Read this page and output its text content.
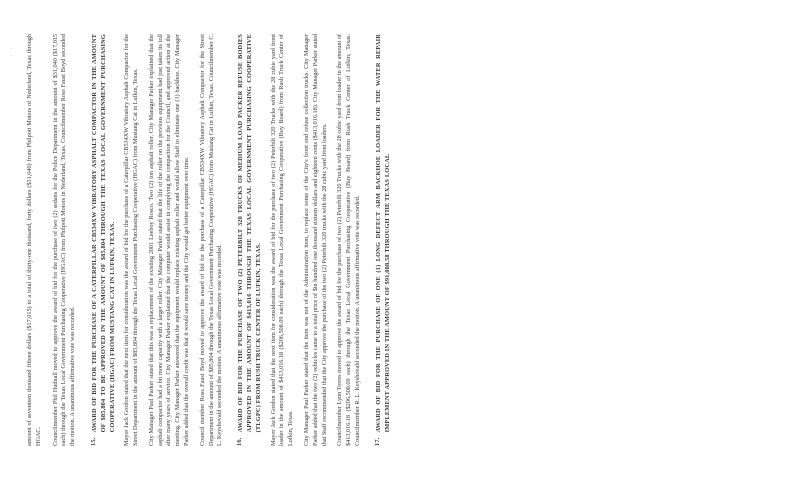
. . amount of seventeen thousand fifteen dollars ($17,015) to a total of thirty-one thousand, forty dollars ($31,040) from Philpott Motors of Nederland, Texas through HGAC. Councilmember Phil Hudnall moved to approve the award of bid for the purchase of two (2) sedans for the Police Department in the amount of $31,040 ($17,015 each) through the Texas Local Government Purchasing Cooperative (HGAC) from Philpott Motors in Nederland, Texas. Councilmember Ross Faust Boyd seconded the motion. A unanimous affirmative vote was recorded. 15.
AWARD OF BID FOR THE PURCHASE OF A CATERPILLAR CB534XW VIBRATORY ASPHALT COMPACTOR IN THE AMOUNT OF $85,804 TO BE APPROVED IN THE AMOUNT OF $85,804 THROUGH THE TEXAS LOCAL GOVERNMENT PURCHASING COOPERATIVE (HGAC) FROM MUSTANG CAT IN LUFKIN, TEXAS. Mayor Jack Gordon stated that the next item for consideration was the award of bid for the purchase of a Caterpillar CB534XW Vibratory Asphalt Compactor for the Street Department in the amount of $85,804 through the Texas Local Government Purchasing Cooperative (HGAC) from Mustang Cat in Lufkin, Texas. City Manager Paul Parker stated that this was a replacement of the existing 2001 Leeboy Rosco. Two (2) ton asphalt roller. City Manager Parker explained that the asphalt compactor had a bit more capacity with a larger roller. City Manager Parker stated that the life of the roller on the previous equipment had just taken its toll after many years of service. City Manager Parker explained that the computer would assist in complying the compaction for the Council, and approved action at the meeting. City Manager Parker answered that the equipment would replace existing asphalt roller and would allow Staff to eliminate one (1) backhoe. City Manager Parker added that the overall credit was that it would save money and the City would get better equipment over time. Council member Ross Faust Boyd moved to approve the award of bid for the purchase of a Caterpillar CB534XW Vibratory Asphalt Compactor for the Street Department in the amount of $85,804 through the Texas Local Government Purchasing Cooperative (HGAC) from Mustang Cat in Lufkin, Texas. Councilmember C. L. Keyshovald seconded the motion. A unanimous affirmative vote was recorded. 16.
AWARD OF BID FOR THE PURCHASE OF TWO (2) PETERBILT 320 TRUCKS OF MEDIUM LOAD PACKER REFUSE BODIES APPROVED IN THE AMOUNT OF $413,016 THROUGH THE TEXAS LOCAL GOVERNMENT PURCHASING COOPERATIVE (TLGPC) FROM RUSH TRUCK CENTER OF LUFKIN, TEXAS. Mayor Jack Gordon stated that the next item for consideration was the award of bid for the purchase of two (2) Peterbilt 320 Trucks with the 28 cubic yard front loader in the amount of $413,016.18 ($206,508.09 each) through the Texas Local Government Purchasing Cooperative (Buy Board) from Rush Truck Center of Lufkin, Texas. City Manager Paul Parker stated that the item was not of the Administration item, to replace some of the City's front end refuse collection trucks. City Manager Parker added that the two (2) vehicles came to a total price of $in hundred one thousand sixteen dollars and eighteen cents ($413,016.18). City Manager Parker stated that Staff recommended that the City approve the purchase of the two (2) Peterbilt 320 trucks with the 28 cubic yard front loaders. Councilmember Lynn Torres moved to approve the award of bid for the purchase of two (2) Peterbilt 320 Trucks with the 28 cubic yard front loader in the amount of $413,016.18 ($206,508.09 each) through the Texas Local Government Purchasing Cooperative (Buy Board) from Rush Truck Center of Lufkin, Texas. Councilmember R. L. Keyshovald seconded the motion. A unanimous affirmative vote was recorded. 17.
AWARD OF BID FOR THE PURCHASE OF ONE (1) LONG DEFECT ARM BACKHOE LOADER FOR THE WATER REPAIR IMPLEMENT APPROVED IN THE AMOUNT OF $91,088.58 THROUGH THE TEXAS LOCAL
